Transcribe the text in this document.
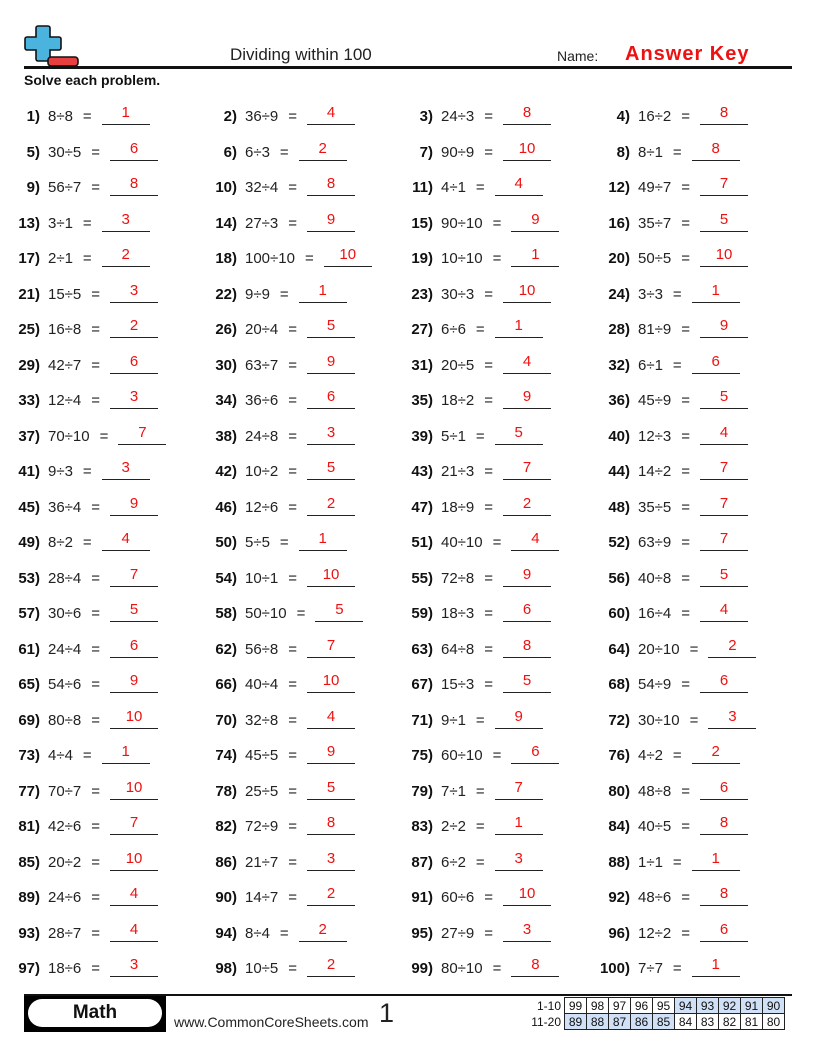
Dividing within 100	Name: Answer Key
Solve each problem.
1) 8÷8 =	1	2) 36÷9 =	4	3) 24÷3 =	8	4) 16÷2 =	8
5) 30÷5 =	6	6) 6÷3 =	2	7) 90÷9 =	10	8) 8÷1 =	8
9) 56÷7 =	8	10) 32÷4 =	8	11) 4÷1 =	4	12) 49÷7 =	7
13) 3÷1 =	3	14) 27÷3 =	9	15) 90÷10 =	9	16) 35÷7 =	5
17) 2÷1 =	2	18) 100÷10 =	10	19) 10÷10 =	1	20) 50÷5 =	10
21) 15÷5 =	3	22) 9÷9 =	1	23) 30÷3 =	10	24) 3÷3 =	1
25) 16÷8 =	2	26) 20÷4 =	5	27) 6÷6 =	1	28) 81÷9 =	9
29) 42÷7 =	6	30) 63÷7 =	9	31) 20÷5 =	4	32) 6÷1 =	6
33) 12÷4 =	3	34) 36÷6 =	6	35) 18÷2 =	9	36) 45÷9 =	5
37) 70÷10 =	7	38) 24÷8 =	3	39) 5÷1 =	5	40) 12÷3 =	4
41) 9÷3 =	3	42) 10÷2 =	5	43) 21÷3 =	7	44) 14÷2 =	7
45) 36÷4 =	9	46) 12÷6 =	2	47) 18÷9 =	2	48) 35÷5 =	7
49) 8÷2 =	4	50) 5÷5 =	1	51) 40÷10 =	4	52) 63÷9 =	7
53) 28÷4 =	7	54) 10÷1 =	10	55) 72÷8 =	9	56) 40÷8 =	5
57) 30÷6 =	5	58) 50÷10 =	5	59) 18÷3 =	6	60) 16÷4 =	4
61) 24÷4 =	6	62) 56÷8 =	7	63) 64÷8 =	8	64) 20÷10 =	2
65) 54÷6 =	9	66) 40÷4 =	10	67) 15÷3 =	5	68) 54÷9 =	6
69) 80÷8 =	10	70) 32÷8 =	4	71) 9÷1 =	9	72) 30÷10 =	3
73) 4÷4 =	1	74) 45÷5 =	9	75) 60÷10 =	6	76) 4÷2 =	2
77) 70÷7 =	10	78) 25÷5 =	5	79) 7÷1 =	7	80) 48÷8 =	6
81) 42÷6 =	7	82) 72÷9 =	8	83) 2÷2 =	1	84) 40÷5 =	8
85) 20÷2 =	10	86) 21÷7 =	3	87) 6÷2 =	3	88) 1÷1 =	1
89) 24÷6 =	4	90) 14÷7 =	2	91) 60÷6 =	10	92) 48÷6 =	8
93) 28÷7 =	4	94) 8÷4 =	2	95) 27÷9 =	3	96) 12÷2 =	6
97) 18÷6 =	3	98) 10÷5 =	2	99) 80÷10 =	8	100) 7÷7 =	1
Math	www.CommonCoreSheets.com 1	1-10	99	98	97	96	95	94	93	92	91	90
11-20	89	88	87	86	85	84	83	82	81	80
